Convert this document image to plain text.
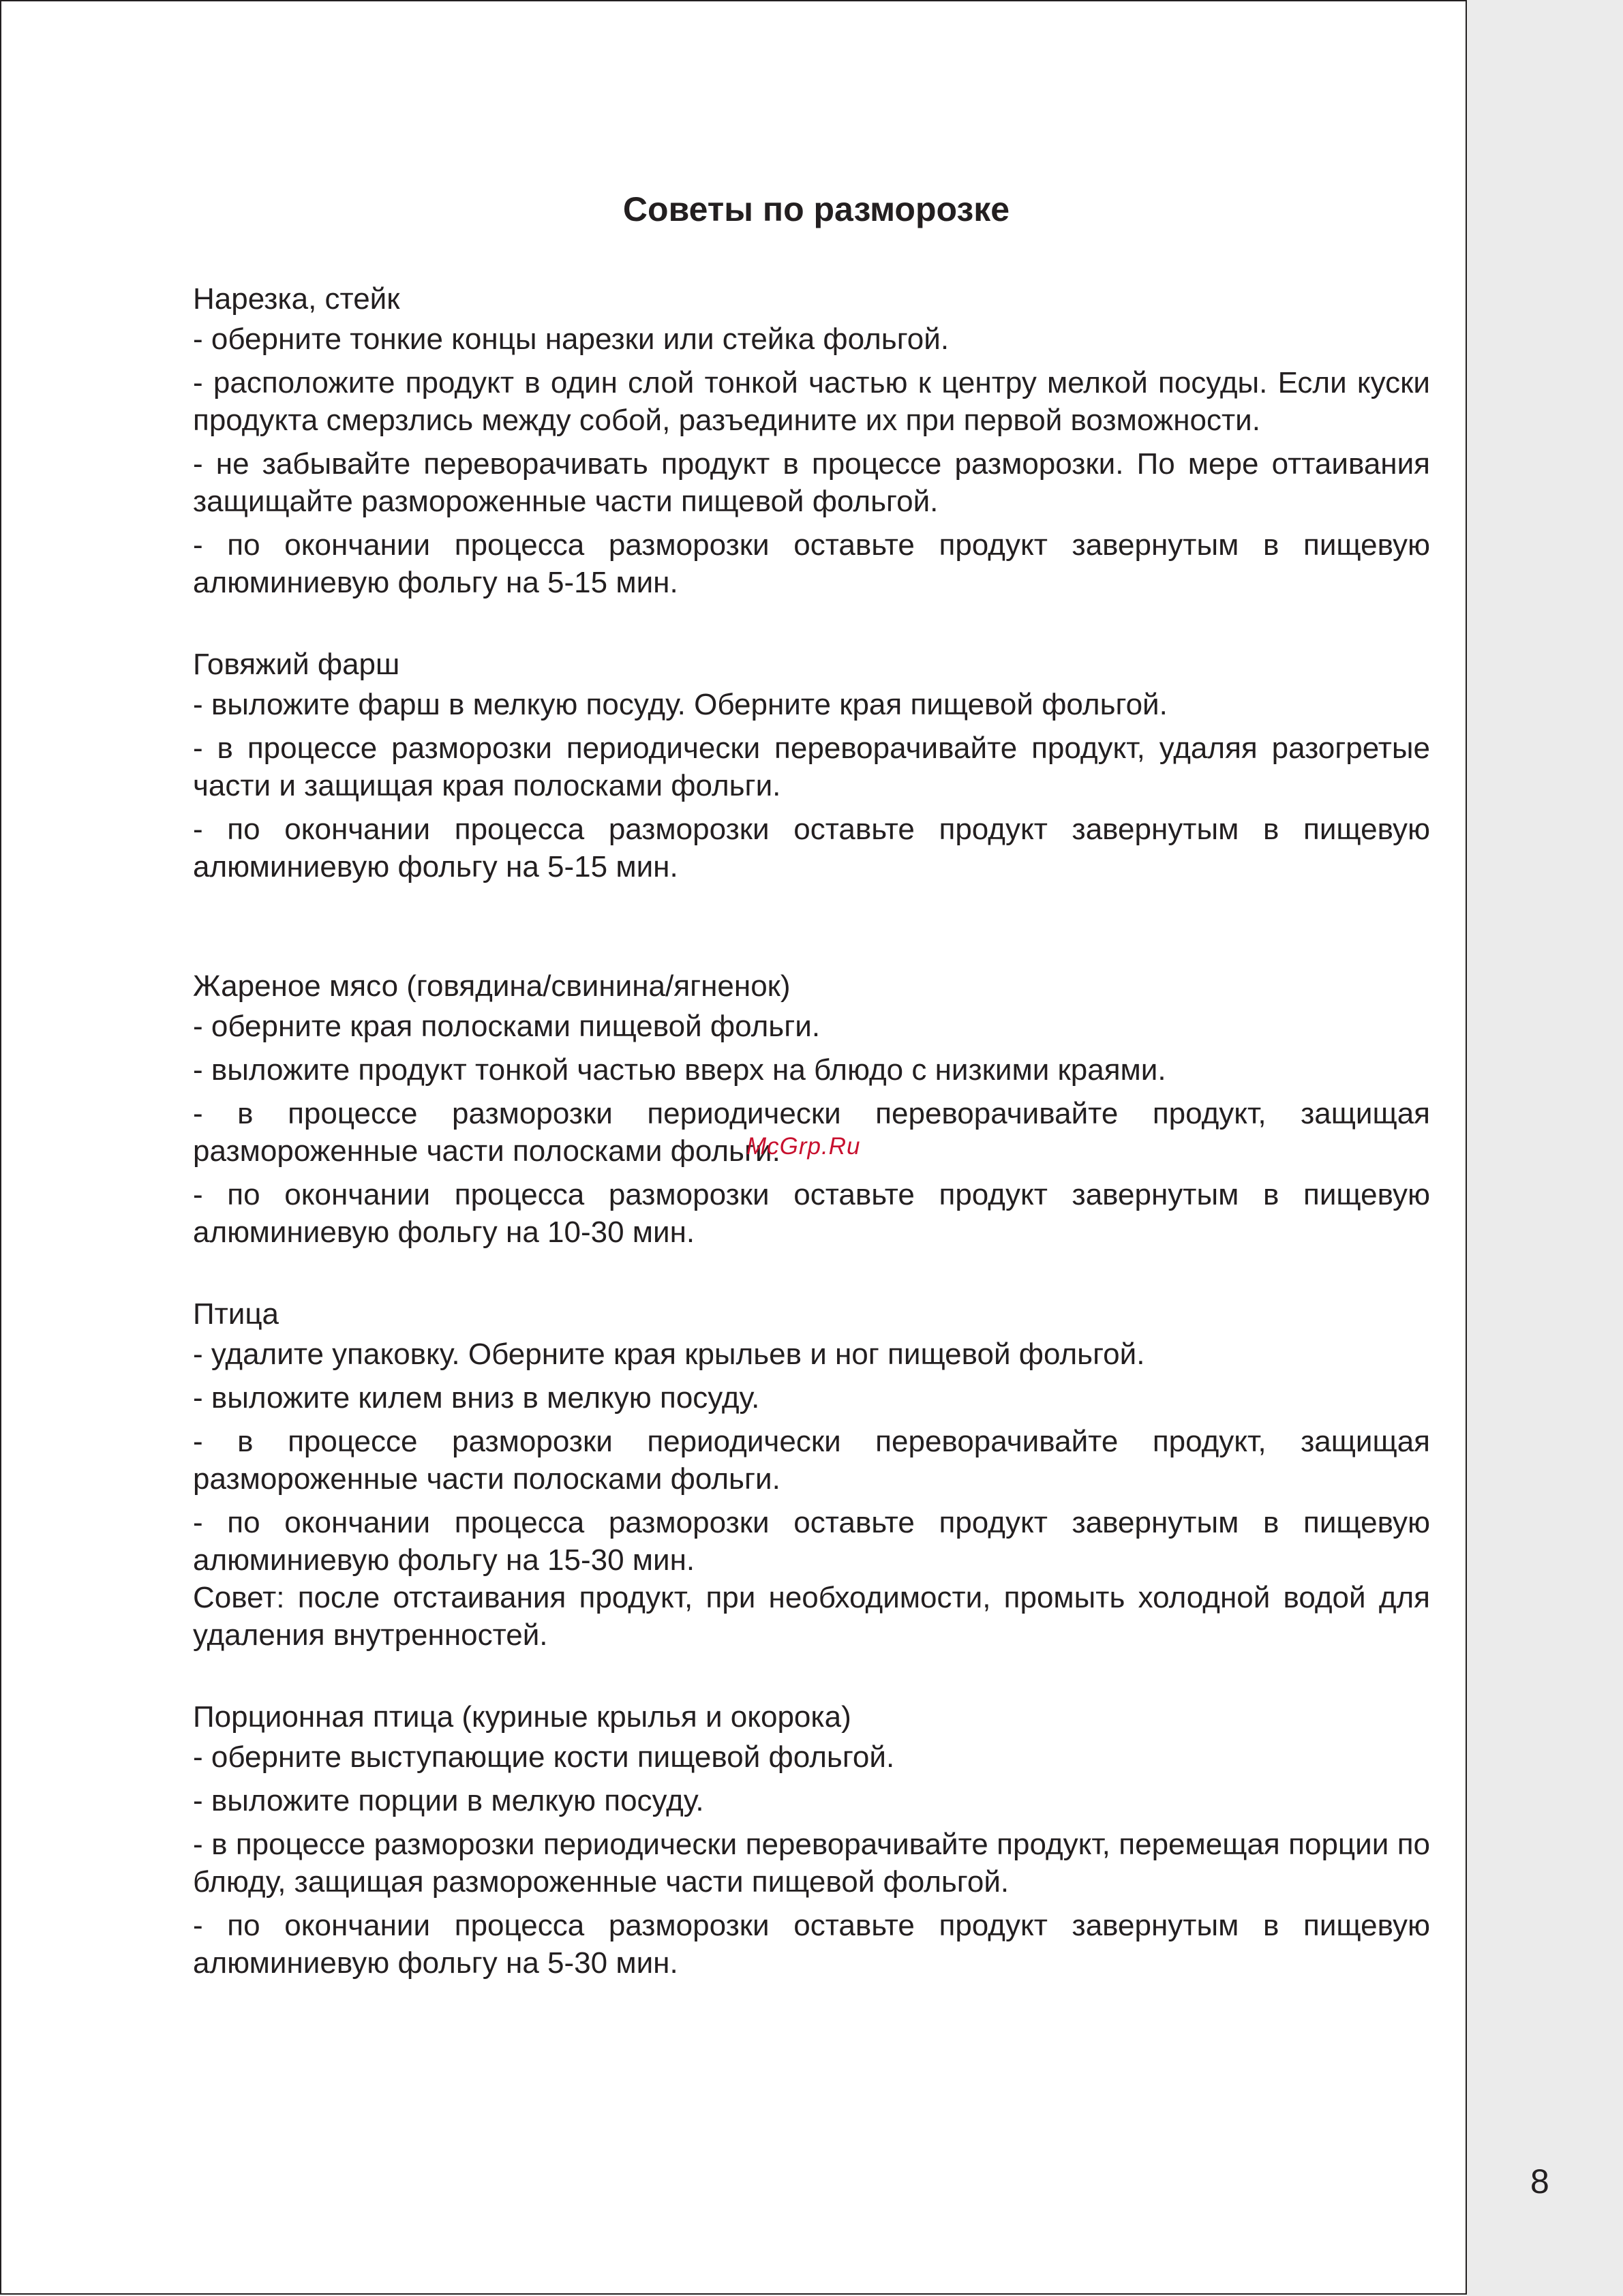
Советы по разморозке
Нарезка, стейк
- оберните тонкие концы нарезки или стейка фольгой.
- расположите продукт в один слой тонкой частью к центру мелкой посуды. Если куски продукта смерзлись между собой, разъедините их при первой возможности.
- не забывайте переворачивать продукт в процессе разморозки. По мере оттаивания защищайте размороженные части пищевой фольгой.
- по окончании процесса разморозки оставьте продукт завернутым в пищевую алюминиевую фольгу на 5-15 мин.
Говяжий фарш
- выложите фарш в мелкую посуду. Оберните края пищевой фольгой.
- в процессе разморозки периодически переворачивайте продукт, удаляя разогретые части и защищая края полосками фольги.
- по окончании процесса разморозки оставьте продукт завернутым в пищевую алюминиевую фольгу на 5-15 мин.
Жареное мясо (говядина/свинина/ягненок)
- оберните края полосками пищевой фольги.
- выложите продукт тонкой частью вверх на блюдо с низкими краями.
- в процессе разморозки периодически переворачивайте продукт, защищая размороженные части полосками фольги.
- по окончании процесса разморозки оставьте продукт завернутым в пищевую алюминиевую фольгу на 10-30 мин.
Птица
- удалите упаковку. Оберните края крыльев и ног пищевой фольгой.
- выложите килем вниз в мелкую посуду.
- в процессе разморозки периодически переворачивайте продукт, защищая размороженные части полосками фольги.
- по окончании процесса разморозки оставьте продукт завернутым в пищевую алюминиевую фольгу на 15-30 мин.
Совет: после отстаивания продукт, при необходимости, промыть холодной водой для удаления внутренностей.
Порционная птица (куриные крылья и окорока)
- оберните выступающие кости пищевой фольгой.
- выложите порции в мелкую посуду.
- в процессе разморозки периодически переворачивайте продукт, перемещая порции по блюду, защищая размороженные части пищевой фольгой.
- по окончании процесса разморозки оставьте продукт завернутым в пищевую алюминиевую фольгу на 5-30 мин.
McGrp.Ru
8
